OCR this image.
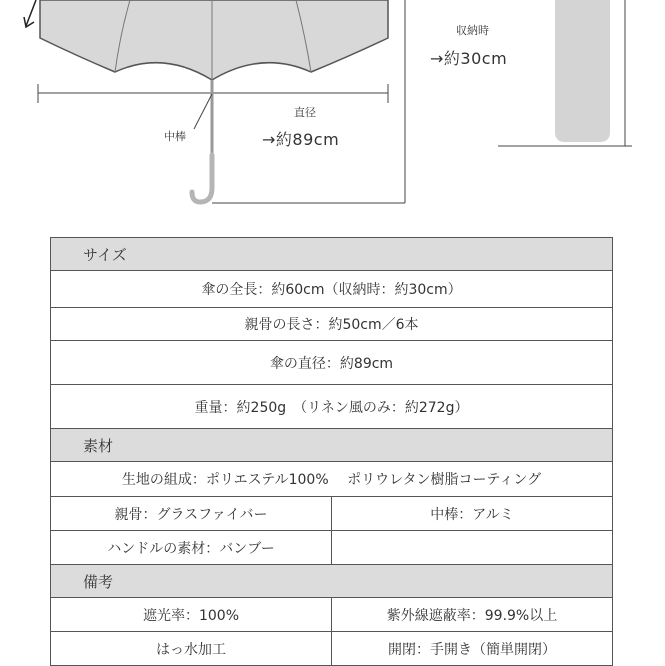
収納時
→約30cm
直径
→約89cm
中棒
サイズ	
傘の全長：約60cm（収納時：約30cm）	
親骨の長さ：約50cm／6本	
傘の直径：約89cm	
重量：約250g　（リネン風のみ：約272g）	
素材	
生地の組成：ポリエステル100%　 ポリウレタン樹脂コーティング	
親骨：グラスファイバー	中棒：アルミ
ハンドルの素材：バンブー	
備考	
遮光率：100%	紫外線遮蔽率：99.9%以上
はっ水加工	開閉：手開き（簡単開閉）
